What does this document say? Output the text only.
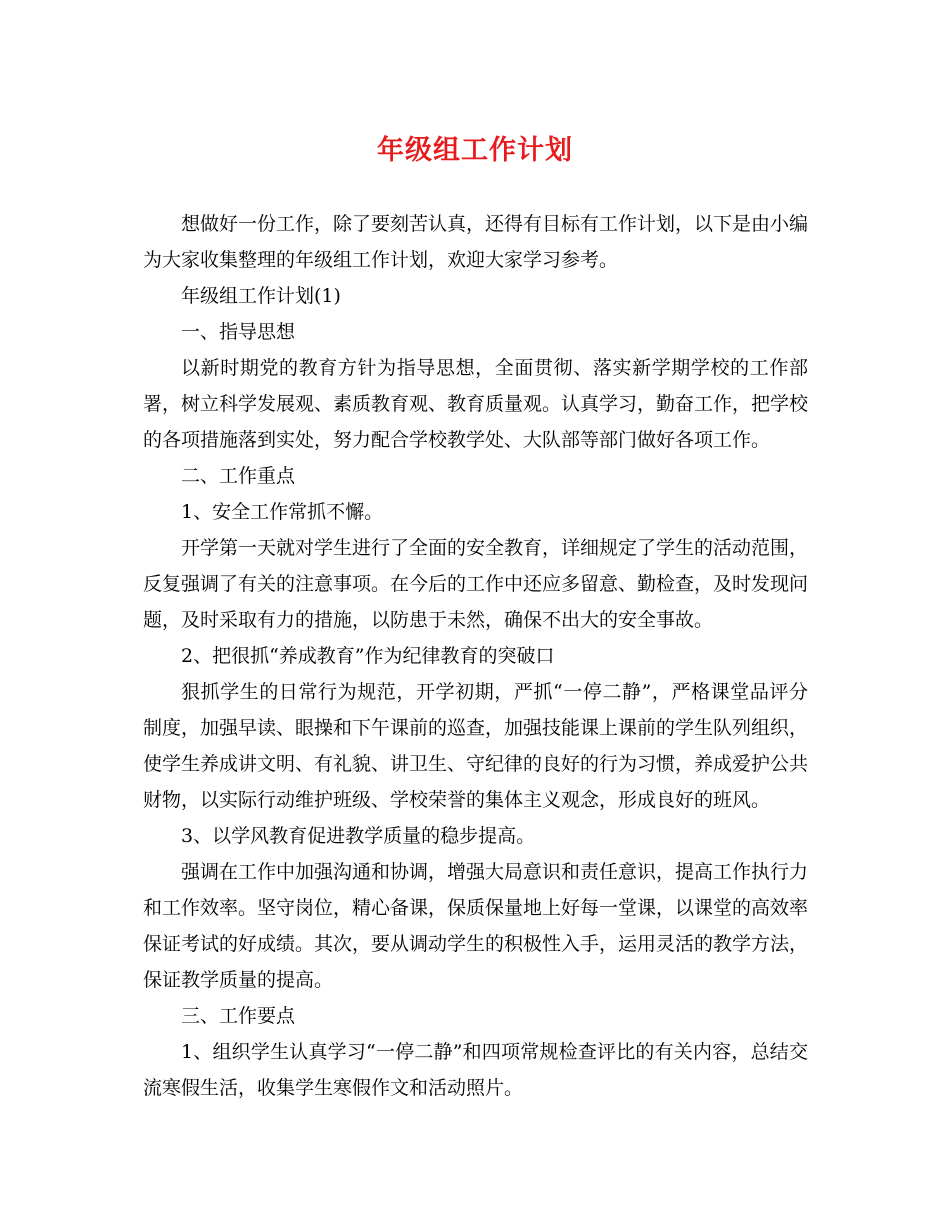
年级组工作计划

想做好一份工作，除了要刻苦认真，还得有目标有工作计划，以下是由小编为大家收集整理的年级组工作计划，欢迎大家学习参考。

年级组工作计划(1)

一、指导思想

以新时期党的教育方针为指导思想，全面贯彻、落实新学期学校的工作部署，树立科学发展观、素质教育观、教育质量观。认真学习，勤奋工作，把学校的各项措施落到实处，努力配合学校教学处、大队部等部门做好各项工作。

二、工作重点

1、安全工作常抓不懈。

开学第一天就对学生进行了全面的安全教育，详细规定了学生的活动范围，反复强调了有关的注意事项。在今后的工作中还应多留意、勤检查，及时发现问题，及时采取有力的措施，以防患于未然，确保不出大的安全事故。

2、把很抓“养成教育”作为纪律教育的突破口

狠抓学生的日常行为规范，开学初期，严抓“一停二静”，严格课堂品评分制度，加强早读、眼操和下午课前的巡查，加强技能课上课前的学生队列组织，使学生养成讲文明、有礼貌、讲卫生、守纪律的良好的行为习惯，养成爱护公共财物，以实际行动维护班级、学校荣誉的集体主义观念，形成良好的班风。

3、以学风教育促进教学质量的稳步提高。

强调在工作中加强沟通和协调，增强大局意识和责任意识，提高工作执行力和工作效率。坚守岗位，精心备课，保质保量地上好每一堂课，以课堂的高效率保证考试的好成绩。其次，要从调动学生的积极性入手，运用灵活的教学方法，保证教学质量的提高。

三、工作要点

1、组织学生认真学习“一停二静”和四项常规检查评比的有关内容，总结交流寒假生活，收集学生寒假作文和活动照片。
